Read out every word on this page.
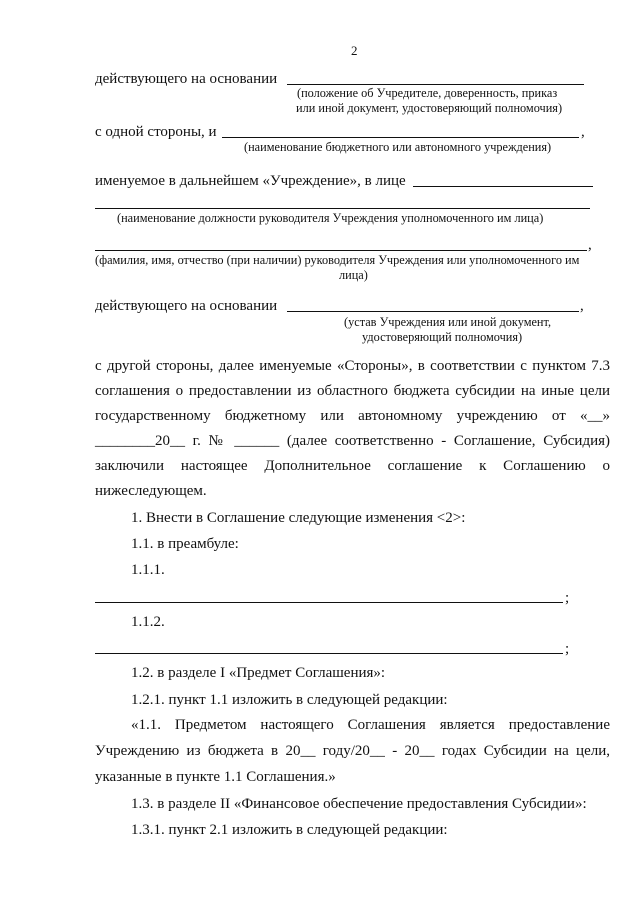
2
действующего на основании
(положение об Учредителе, доверенность, приказ
или иной документ, удостоверяющий полномочия)
с одной стороны, и	,
(наименование бюджетного или автономного учреждения)
именуемое в дальнейшем «Учреждение», в лице
(наименование должности руководителя Учреждения уполномоченного им лица)
,
(фамилия, имя, отчество (при наличии) руководителя Учреждения или уполномоченного им
лица)
действующего на основании	,
(устав Учреждения или иной документ,
удостоверяющий полномочия)
с другой стороны, далее именуемые «Стороны», в соответствии с пунктом 7.3
соглашения о предоставлении из областного бюджета субсидии на иные цели
государственному бюджетному или автономному учреждению от «__»
________20__ г. № ______ (далее соответственно - Соглашение, Субсидия)
заключили настоящее Дополнительное соглашение к Соглашению о
нижеследующем.
1. Внести в Соглашение следующие изменения <2>:
1.1. в преамбуле:
1.1.1.
;
1.1.2.
;
1.2. в разделе I «Предмет Соглашения»:
1.2.1. пункт 1.1 изложить в следующей редакции:
«1.1. Предметом настоящего Соглашения является предоставление
Учреждению из бюджета в 20__ году/20__ - 20__ годах Субсидии на цели,
указанные в пункте 1.1 Соглашения.»
1.3. в разделе II «Финансовое обеспечение предоставления Субсидии»:
1.3.1. пункт 2.1 изложить в следующей редакции:
